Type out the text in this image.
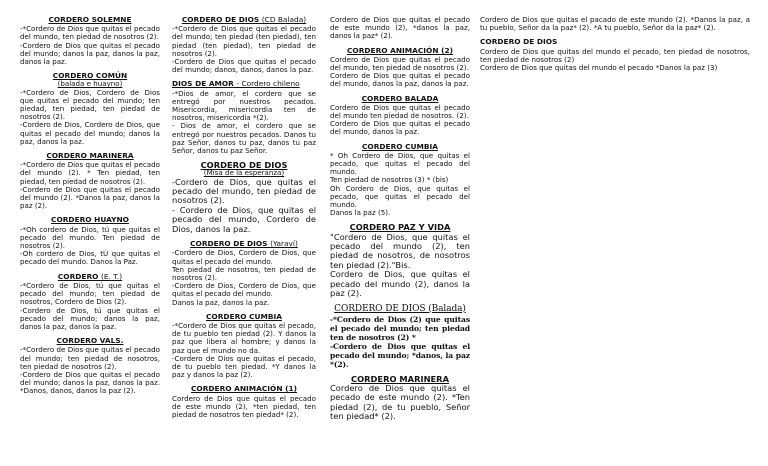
CORDERO SOLEMNE
-*Cordero de Dios que quitas el pecado del mundo, ten piedad de nosotros (2).
-Cordero de Dios que quitas el pecado del mundo; danos la paz, danos la paz, danos la paz.
CORDERO COMÚN
(balada e huayno)
-*Cordero de Dios, Cordero de Dios que quitas el pecado del mundo; ten piedad, ten piedad, ten piedad de nosotros (2).
-Cordero de Dios, Cordero de Dios, que quitas el pecado del mundo; danos la paz, danos la paz.
CORDERO MARINERA
-*Cordero de Dios que quitas el pecado del mundo (2). * Ten piedad, ten piedad, ten piedad de nosotros (2).
-Cordero de Dios que quitas el pecado del mundo (2). *Danos la paz, danos la paz (2).
CORDERO HUAYNO
-*Oh cordero de Dios, tú que quitas el pecado del mundo. Ten piedad de nosotros (2).
-Oh cordero de Dios, tÚ que quitas el pecado del mundo. Danos la Paz.
CORDERO (E. T.)
-*Cordero de Dios, tú que quitas el pecado del mundo; ten piedad de nosotros, Cordero de Dios (2).
-Cordero de Dios, tú que quitas el pecado del mundo; danos la paz, danos la paz, danos la paz.
CORDERO VALS.
-*Cordero de Dios que quitas el pecado del mundo; ten piedad de nosotros, ten piedad de nosotros (2).
-Cordero de Dios que quitas el pecado del mundo; danos la paz, danos la paz. *Danos, danos, danos la paz (2).
CORDERO DE DIOS (CD Balada)
-*Cordero de Dios que quitas el pecado del mundo; ten piedad (ten piedad), ten piedad (ten piedad), ten piedad de nosotros (2).
-Cordero de Dios que quitas el pecado del mundo; danos, danos, danos la paz.
DIOS DE AMOR - Cordero chileno
-*Dios de amor, el cordero que se entregó por nuestros pecados. Misericordia, misericordia ten de nosotros, misericordia *(2).
- Dios de amor, el cordero que se entregó por nuestros pecados. Danos tu paz Señor, danos tu paz, danos tu paz Señor, danos tu paz Señor.
CORDERO DE DIOS
(Misa de la esperanza)
-Cordero de Dios, que quitas el pecado del mundo, ten piedad de nosotros (2).
- Cordero de Dios, que quitas el pecado del mundo, Cordero de Dios, danos la paz.
CORDERO DE DIOS (Yaraví)
-Cordero de Dios, Cordero de Dios, que quitas el pecado del mundo.
Ten piedad de nosotros, ten piedad de nosotros (2).
-Cordero de Dios, Cordero de Dios, que quitas el pecado del mundo.
Danos la paz, danos la paz.
CORDERO CUMBIA
-*Cordero de Dios que quitas el pecado, de tu pueblo ten piedad (2). Y danos la paz que libera al hombre; y danos la paz que el mundo no da.
-Cordero de Dios que quitas el pecado, de tu pueblo ten piedad. *Y danos la paz y danos la paz (2).
CORDERO ANIMACIÓN (1)
Cordero de Dios que quitas el pecado de este mundo (2), *ten piedad, ten piedad de nosotros ten piedad* (2).
Cordero de Dios que quitas el pecado de este mundo (2), *danos la paz, danos la paz* (2).
CORDERO ANIMACIÓN (2)
Cordero de Dios que quitas el pecado del mundo, ten piedad de nosotros (2).
Cordero de Dios que quitas el pecado del mundo, danos la paz, danos la paz.
CORDERO BALADA
Cordero de Dios que quitas el pecado del mundo ten piedad de nosotros. (2).
Cordero de Dios que quitas el pecado del mundo, danos la paz.
CORDERO CUMBIA
* Oh Cordero de Dios, que quitas el pecado, que quitas el pecado del mundo.
Ten piedad de nosotros (3) * (bis)
Oh Cordero de Dios, que quitas el pecado, que quitas el pecado del mundo.
Danos la paz (5).
CORDERO PAZ Y VIDA
"Cordero de Dios, que quitas el pecado del mundo (2), ten piedad de nosotros, de nosotros ten piedad (2)."Bis.
Cordero de Dios, que quitas el pecado del mundo (2), danos la paz (2).
CORDERO DE DIOS (Balada)
-*Cordero de Dios (2) que quitas el pecado del mundo; ten piedad ten de nosotros (2) *
-Cordero de Dios que quitas el pecado del mundo; *danos, la paz *(2).
CORDERO MARINERA
Cordero de Dios que quitas el pecado de este mundo (2). *Ten piedad (2), de tu pueblo, Señor ten piedad* (2).
Cordero de Dios que quitas el pacado de este mundo (2). *Danos la paz, a tu pueblo, Señor da la paz* (2). *A tu pueblo, Señor da la paz* (2).
CORDERO DE DIOS
Cordero de Dios que quitas del mundo el pecado, ten piedad de nosotros, ten piedad de nosotros (2)
Cordero de Dios que quitas del mundo el pecado *Danos la paz (3)
